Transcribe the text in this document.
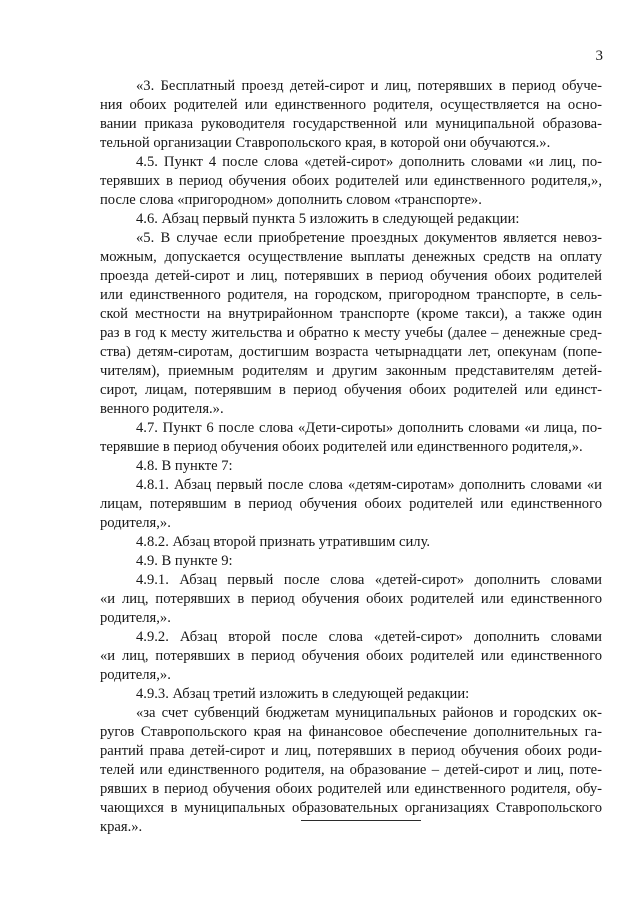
3
«3. Бесплатный проезд детей-сирот и лиц, потерявших в период обуче-
ния обоих родителей или единственного родителя, осуществляется на осно-
вании приказа руководителя государственной или муниципальной образова-
тельной организации Ставропольского края, в которой они обучаются.».
4.5. Пункт 4 после слова «детей-сирот» дополнить словами «и лиц, по-
терявших в период обучения обоих родителей или единственного родителя,»,
после слова «пригородном» дополнить словом «транспорте».
4.6. Абзац первый пункта 5 изложить в следующей редакции:
«5. В случае если приобретение проездных документов является невоз-
можным, допускается осуществление выплаты денежных средств на оплату
проезда детей-сирот и лиц, потерявших в период обучения обоих родителей
или единственного родителя, на городском, пригородном транспорте, в сель-
ской местности на внутрирайонном транспорте (кроме такси), а также один
раз в год к месту жительства и обратно к месту учебы (далее – денежные сред-
ства) детям-сиротам, достигшим возраста четырнадцати лет, опекунам (попе-
чителям), приемным родителям и другим законным представителям детей-
сирот, лицам, потерявшим в период обучения обоих родителей или единст-
венного родителя.».
4.7. Пункт 6 после слова «Дети-сироты» дополнить словами «и лица, по-
терявшие в период обучения обоих родителей или единственного родителя,».
4.8. В пункте 7:
4.8.1. Абзац первый после слова «детям-сиротам» дополнить словами «и
лицам, потерявшим в период обучения обоих родителей или единственного
родителя,».
4.8.2. Абзац второй признать утратившим силу.
4.9. В пункте 9:
4.9.1. Абзац первый после слова «детей-сирот» дополнить словами
«и лиц, потерявших в период обучения обоих родителей или единственного
родителя,».
4.9.2. Абзац второй после слова «детей-сирот» дополнить словами
«и лиц, потерявших в период обучения обоих родителей или единственного
родителя,».
4.9.3. Абзац третий изложить в следующей редакции:
«за счет субвенций бюджетам муниципальных районов и городских ок-
ругов Ставропольского края на финансовое обеспечение дополнительных га-
рантий права детей-сирот и лиц, потерявших в период обучения обоих роди-
телей или единственного родителя, на образование – детей-сирот и лиц, поте-
рявших в период обучения обоих родителей или единственного родителя, обу-
чающихся в муниципальных образовательных организациях Ставропольского
края.».
